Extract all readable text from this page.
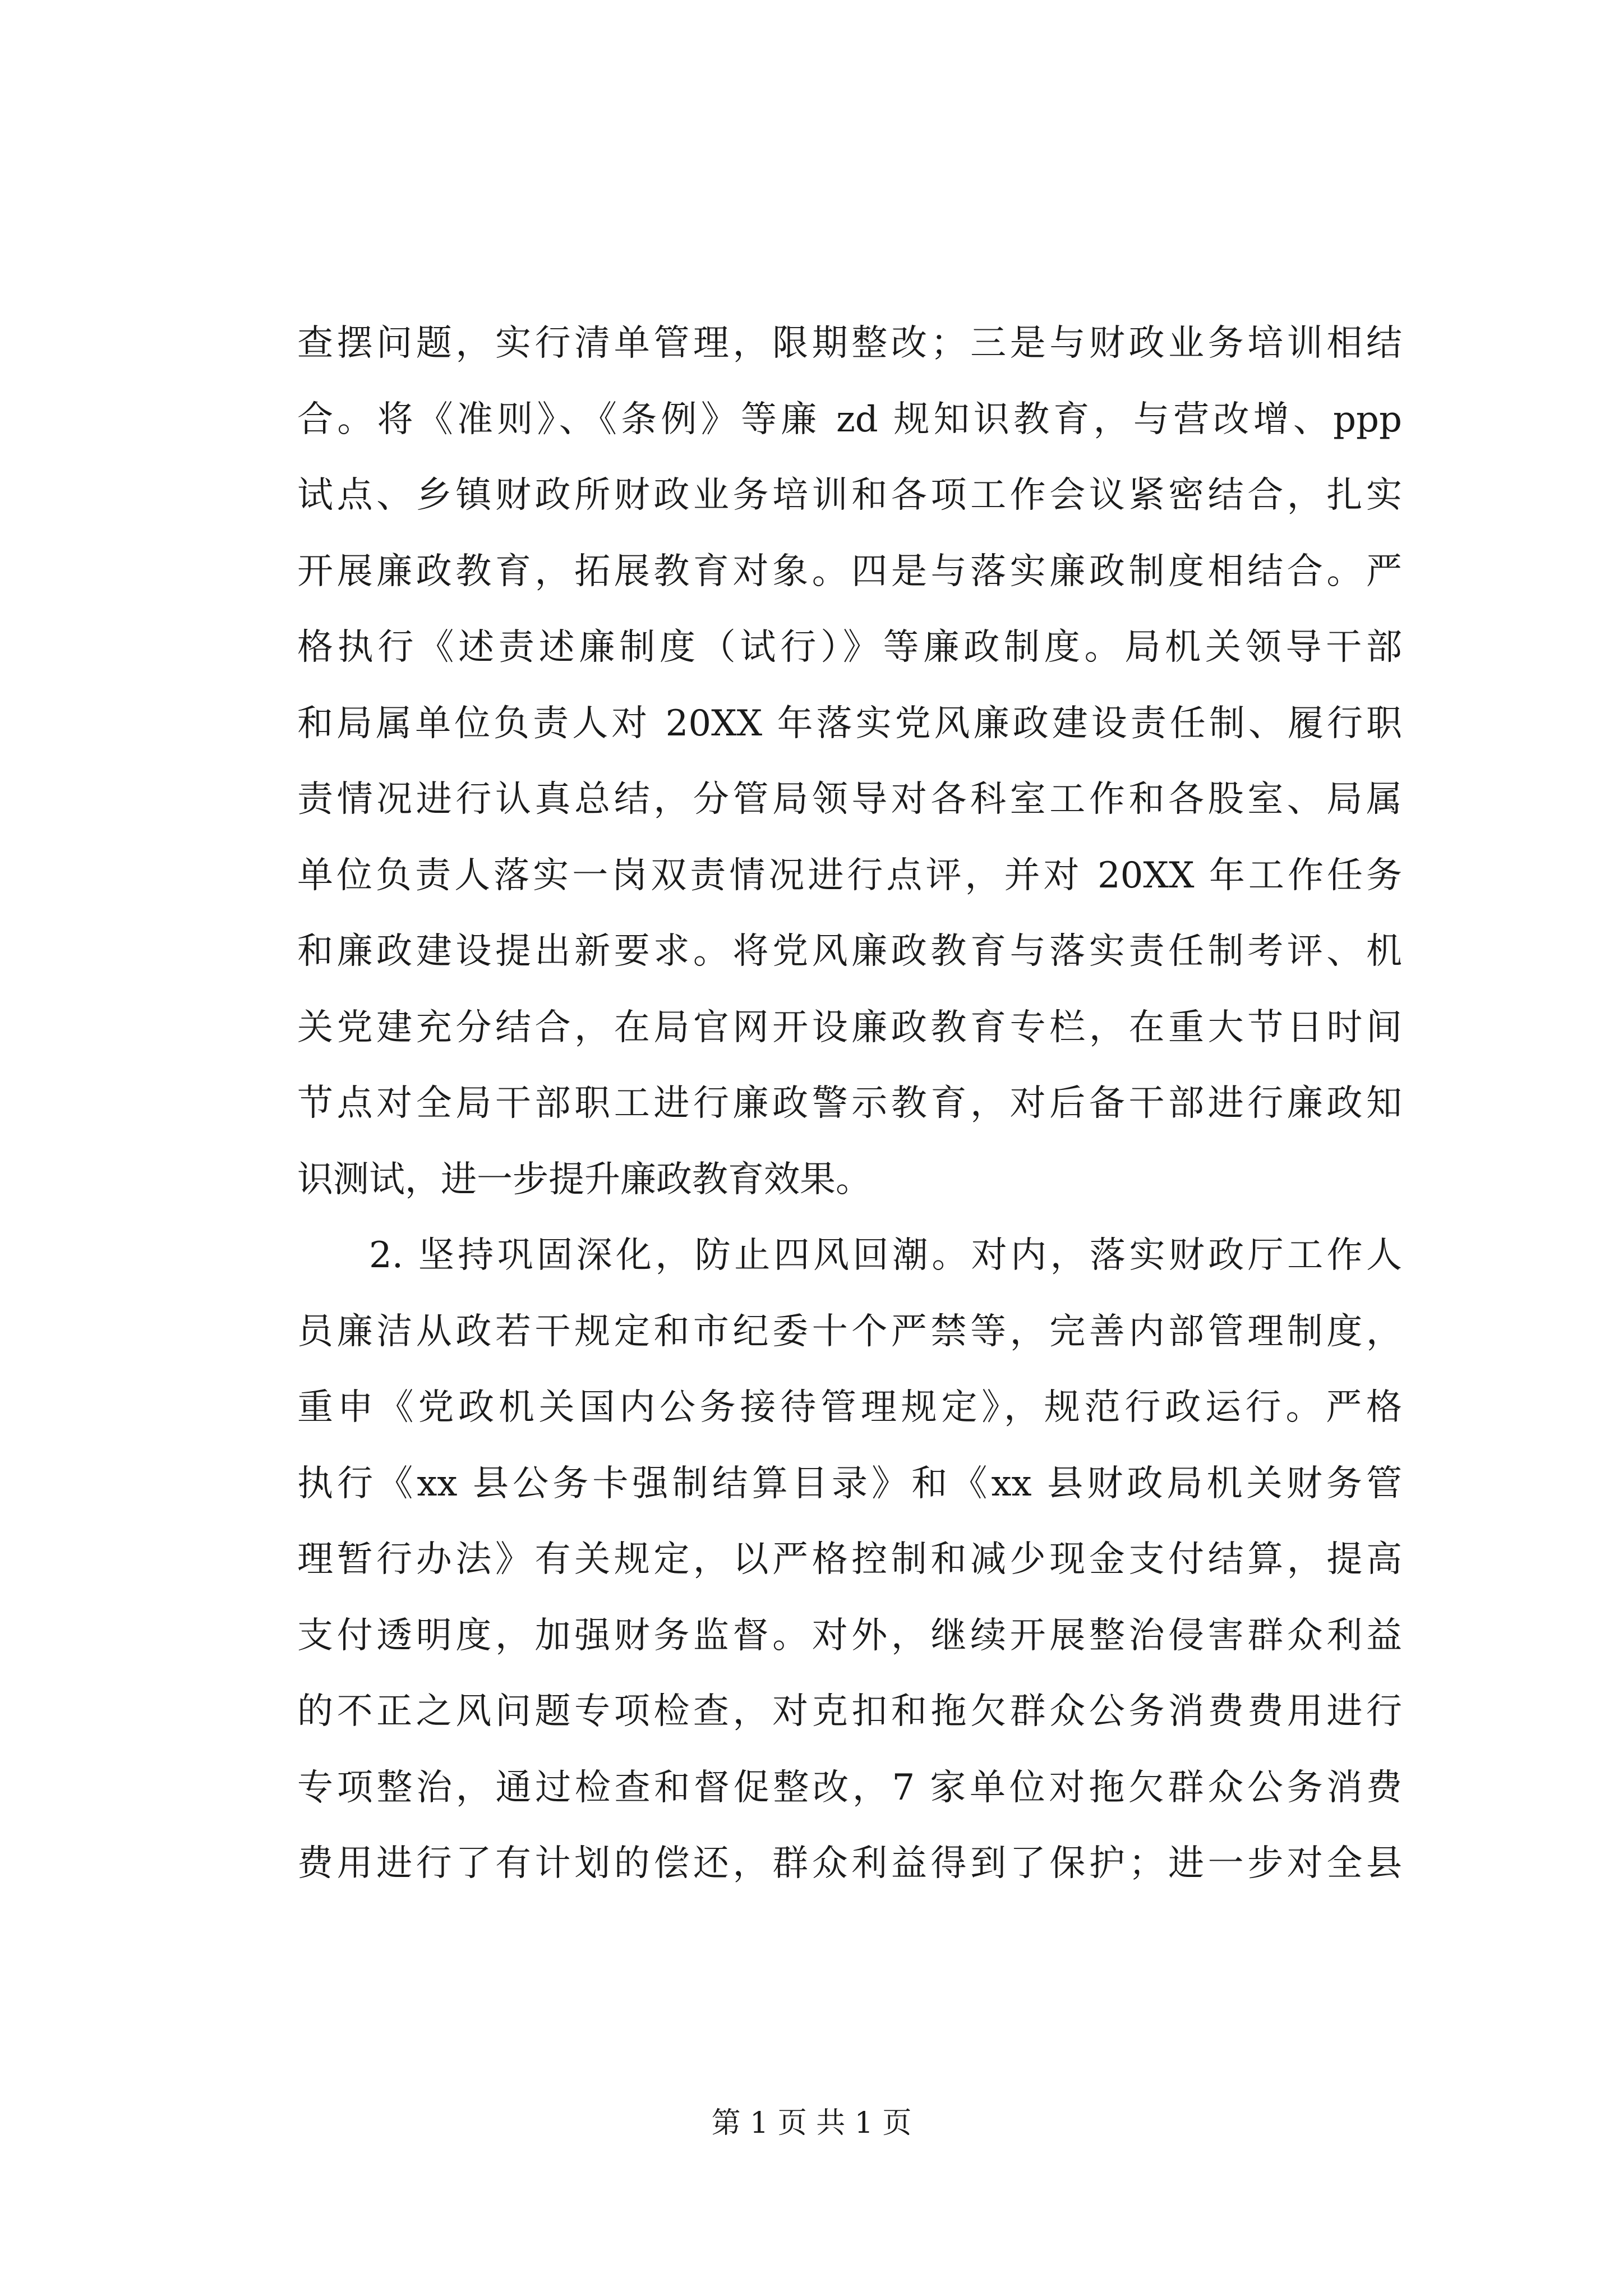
查摆问题，实行清单管理，限期整改；三是与财政业务培训相结
合。将《准则》、《条例》等廉 zd 规知识教育，与营改增、ppp
试点、乡镇财政所财政业务培训和各项工作会议紧密结合，扎实
开展廉政教育，拓展教育对象。四是与落实廉政制度相结合。严
格执行《述责述廉制度（试行）》等廉政制度。局机关领导干部
和局属单位负责人对 20XX 年落实党风廉政建设责任制、履行职
责情况进行认真总结，分管局领导对各科室工作和各股室、局属
单位负责人落实一岗双责情况进行点评，并对 20XX 年工作任务
和廉政建设提出新要求。将党风廉政教育与落实责任制考评、机
关党建充分结合，在局官网开设廉政教育专栏，在重大节日时间
节点对全局干部职工进行廉政警示教育，对后备干部进行廉政知
识测试，进一步提升廉政教育效果。
2. 坚持巩固深化，防止四风回潮。对内，落实财政厅工作人
员廉洁从政若干规定和市纪委十个严禁等，完善内部管理制度，
重申《党政机关国内公务接待管理规定》，规范行政运行。严格
执行《xx 县公务卡强制结算目录》和《xx 县财政局机关财务管
理暂行办法》有关规定，以严格控制和减少现金支付结算，提高
支付透明度，加强财务监督。对外，继续开展整治侵害群众利益
的不正之风问题专项检查，对克扣和拖欠群众公务消费费用进行
专项整治，通过检查和督促整改，7 家单位对拖欠群众公务消费
费用进行了有计划的偿还，群众利益得到了保护；进一步对全县
第 1 页 共 1 页
